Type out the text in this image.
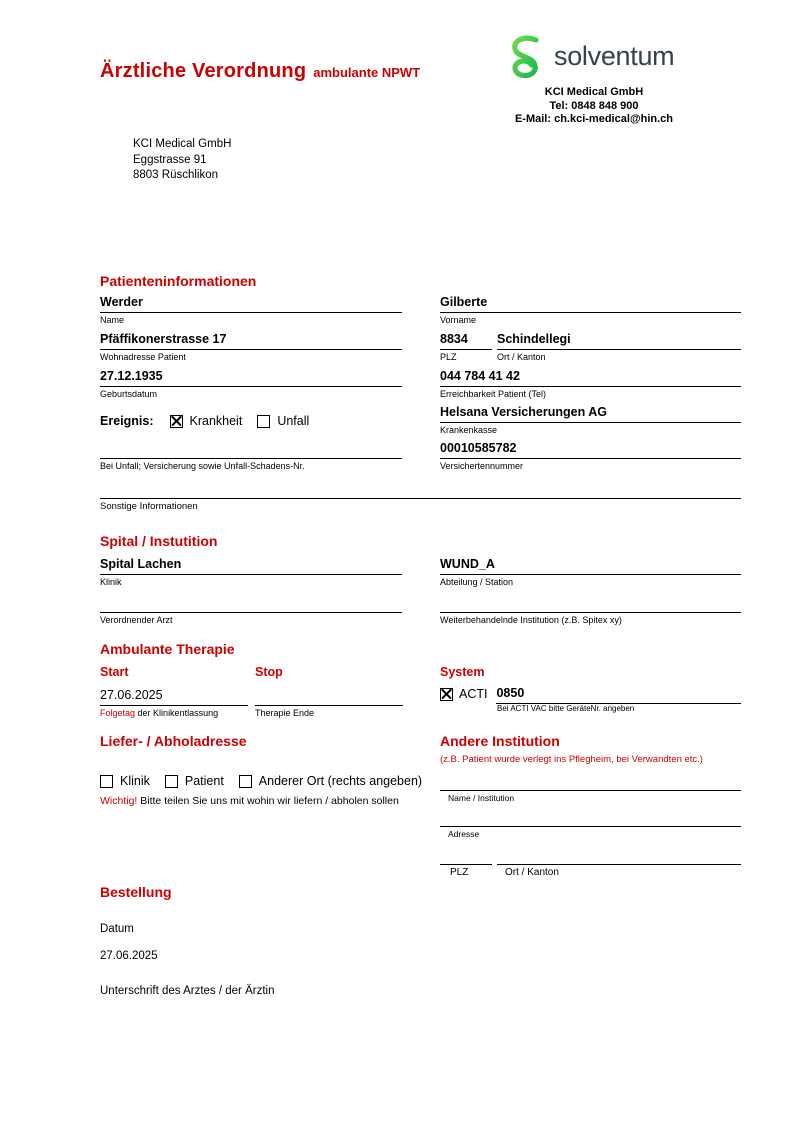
Ärztliche Verordnung ambulante NPWT
solventum
KCI Medical GmbH
Tel: 0848 848 900
E-Mail: ch.kci-medical@hin.ch
KCI Medical GmbH
Eggstrasse 91
8803 Rüschlikon
Patienteninformationen
Werder
Name
Gilberte
Vorname
Pfäffikonerstrasse 17
Wohnadresse Patient
8834
PLZ
Schindellegi
Ort / Kanton
27.12.1935
Geburtsdatum
044 784 41 42
Erreichbarkeit Patient (Tel)
Ereignis:	Krankheit	Unfall
Helsana Versicherungen AG
Krankenkasse
Bei Unfall; Versicherung sowie Unfall-Schadens-Nr.
00010585782
Versichertennummer
Sonstige Informationen
Spital / Instutition
Spital Lachen
Klinik
WUND_A
Abteilung / Station
Verordnender Arzt	Weiterbehandelnde Institution (z.B. Spitex xy)
Ambulante Therapie
Start	Stop	System
27.06.2025
Folgetag der Klinikentlassung	Therapie Ende
ACTI 0850
Bei ACTI VAC bitte GeräteNr. angeben
Liefer- / Abholadresse
Klinik	Patient	Anderer Ort (rechts angeben)
Wichtig! Bitte teilen Sie uns mit wohin wir liefern / abholen sollen
Andere Institution
(z.B. Patient wurde verlegt ins Pflegheim, bei Verwandten etc.)
Name / Institution
Adresse
PLZ	Ort / Kanton
Bestellung
Datum
27.06.2025
Unterschrift des Arztes / der Ärztin
